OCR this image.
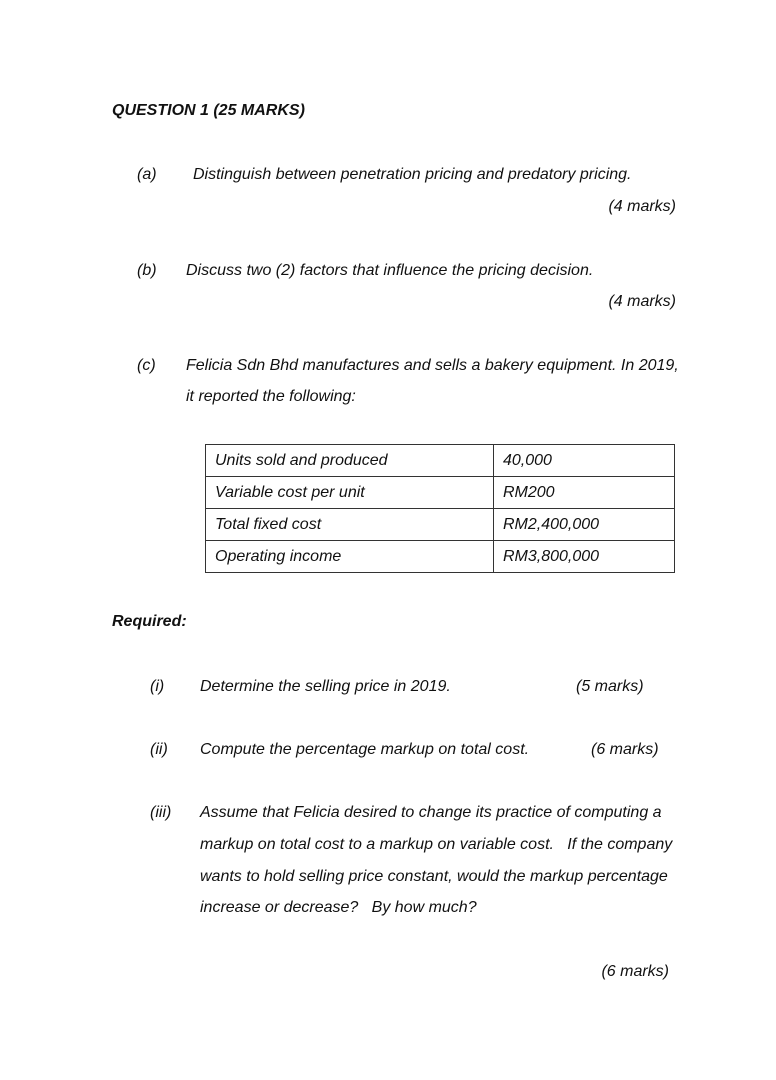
QUESTION 1 (25 MARKS)
(a) Distinguish between penetration pricing and predatory pricing.
(4 marks)
(b) Discuss two (2) factors that influence the pricing decision.
(4 marks)
(c) Felicia Sdn Bhd manufactures and sells a bakery equipment. In 2019,
it reported the following:
Units sold and produced	40,000
Variable cost per unit	RM200
Total fixed cost	RM2,400,000
Operating income	RM3,800,000
Required:
(i) Determine the selling price in 2019.	(5 marks)
(ii) Compute the percentage markup on total cost.	(6 marks)
(iii) Assume that Felicia desired to change its practice of computing a
markup on total cost to a markup on variable cost.   If the company
wants to hold selling price constant, would the markup percentage
increase or decrease?   By how much?
(6 marks)
